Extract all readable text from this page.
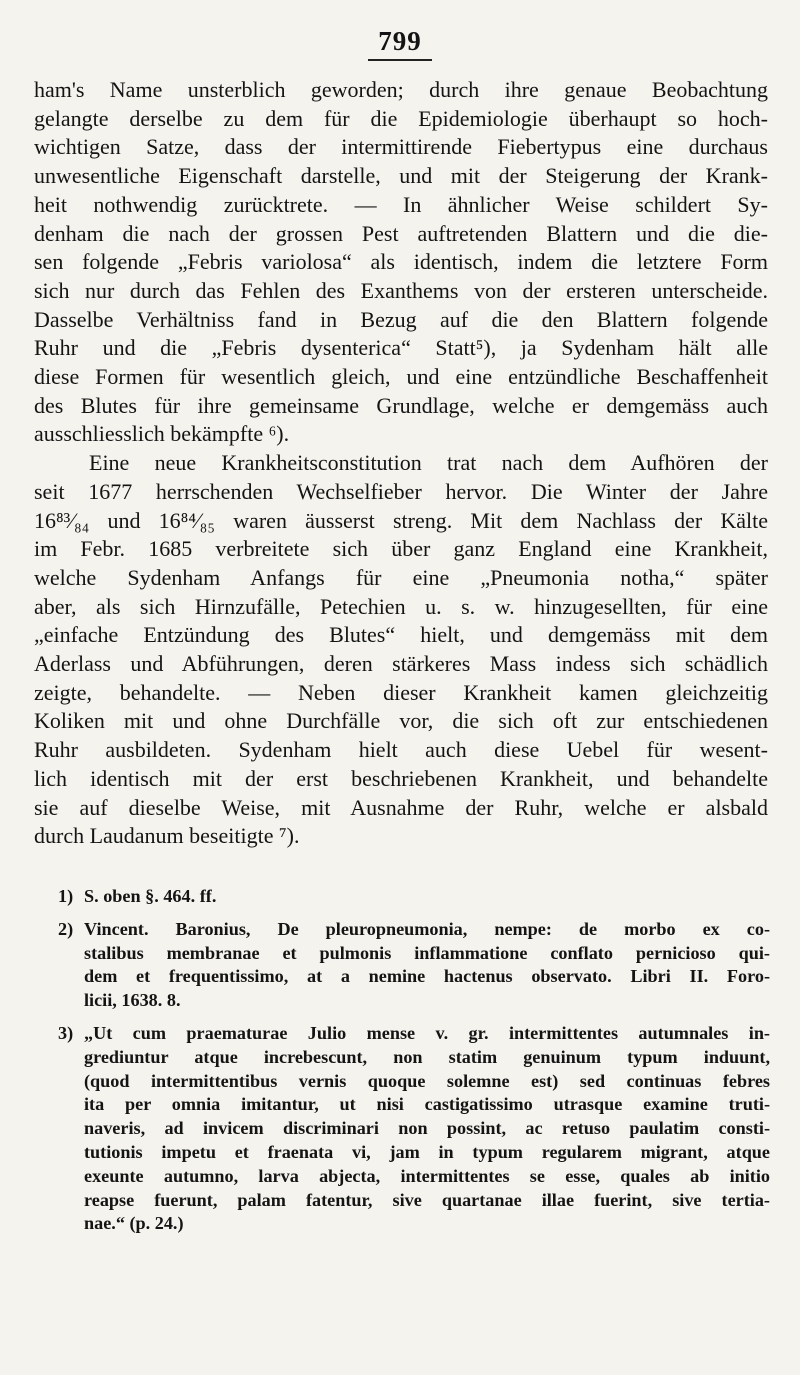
799
ham's Name unsterblich geworden; durch ihre genaue Beobachtung
gelangte derselbe zu dem für die Epidemiologie überhaupt so hoch-
wichtigen Satze, dass der intermittirende Fiebertypus eine durchaus
unwesentliche Eigenschaft darstelle, und mit der Steigerung der Krank-
heit nothwendig zurücktrete. — In ähnlicher Weise schildert Sy-
denham die nach der grossen Pest auftretenden Blattern und die die-
sen folgende „Febris variolosa“ als identisch, indem die letztere Form
sich nur durch das Fehlen des Exanthems von der ersteren unterscheide.
Dasselbe Verhältniss fand in Bezug auf die den Blattern folgende
Ruhr und die „Febris dysenterica“ Statt⁵), ja Sydenham hält alle
diese Formen für wesentlich gleich, und eine entzündliche Beschaffenheit
des Blutes für ihre gemeinsame Grundlage, welche er demgemäss auch
ausschliesslich bekämpfte ⁶).
Eine neue Krankheitsconstitution trat nach dem Aufhören der
seit 1677 herrschenden Wechselfieber hervor. Die Winter der Jahre
16⁸³⁄₈₄ und 16⁸⁴⁄₈₅ waren äusserst streng. Mit dem Nachlass der Kälte
im Febr. 1685 verbreitete sich über ganz England eine Krankheit,
welche Sydenham Anfangs für eine „Pneumonia notha,“ später
aber, als sich Hirnzufälle, Petechien u. s. w. hinzugesellten, für eine
„einfache Entzündung des Blutes“ hielt, und demgemäss mit dem
Aderlass und Abführungen, deren stärkeres Mass indess sich schädlich
zeigte, behandelte. — Neben dieser Krankheit kamen gleichzeitig
Koliken mit und ohne Durchfälle vor, die sich oft zur entschiedenen
Ruhr ausbildeten. Sydenham hielt auch diese Uebel für wesent-
lich identisch mit der erst beschriebenen Krankheit, und behandelte
sie auf dieselbe Weise, mit Ausnahme der Ruhr, welche er alsbald
durch Laudanum beseitigte ⁷).
1) S. oben §. 464. ff.
2) Vincent. Baronius, De pleuropneumonia, nempe: de morbo ex co-
stalibus membranae et pulmonis inflammatione conflato pernicioso qui-
dem et frequentissimo, at a nemine hactenus observato. Libri II. Foro-
licii, 1638. 8.
3) „Ut cum praematurae Julio mense v. gr. intermittentes autumnales in-
grediuntur atque increbescunt, non statim genuinum typum induunt,
(quod intermittentibus vernis quoque solemne est) sed continuas febres
ita per omnia imitantur, ut nisi castigatissimo utrasque examine truti-
naveris, ad invicem discriminari non possint, ac retuso paulatim consti-
tutionis impetu et fraenata vi, jam in typum regularem migrant, atque
exeunte autumno, larva abjecta, intermittentes se esse, quales ab initio
reapse fuerunt, palam fatentur, sive quartanae illae fuerint, sive tertia-
nae.“ (p. 24.)
